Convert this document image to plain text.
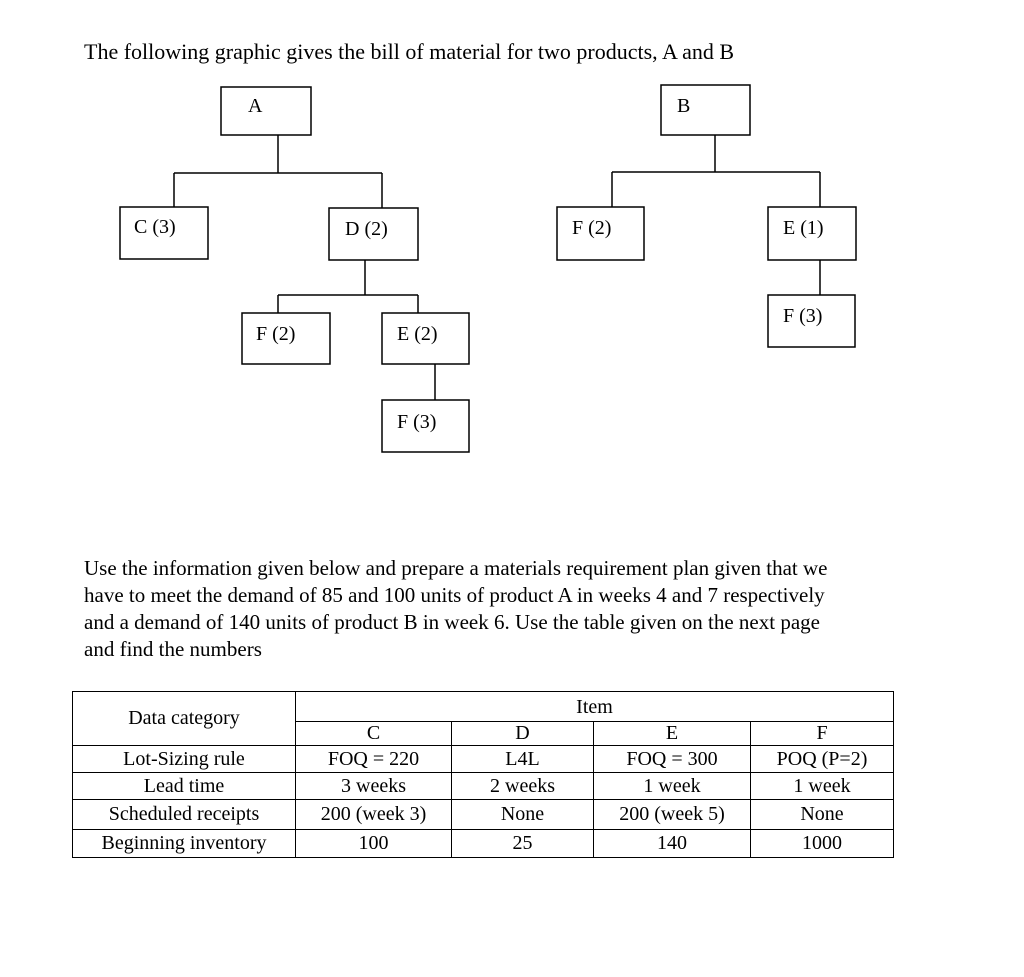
The following graphic gives the bill of material for two products, A and B
A
C (3)	D (2)
F (2)	E (2)
F (3)
B
F (2)	E (1)
F (3)
Use the information given below and prepare a materials requirement plan given that we
have to meet the demand of 85 and 100 units of product A in weeks 4 and 7 respectively
and a demand of 140 units of product B in week 6. Use the table given on the next page
and find the numbers
Data category	Item			
	C	D	E	F
Lot-Sizing rule	FOQ = 220	L4L	FOQ = 300	POQ (P=2)
Lead time	3 weeks	2 weeks	1 week	1 week
Scheduled receipts	200 (week 3)	None	200 (week 5)	None
Beginning inventory	100	25	140	1000
